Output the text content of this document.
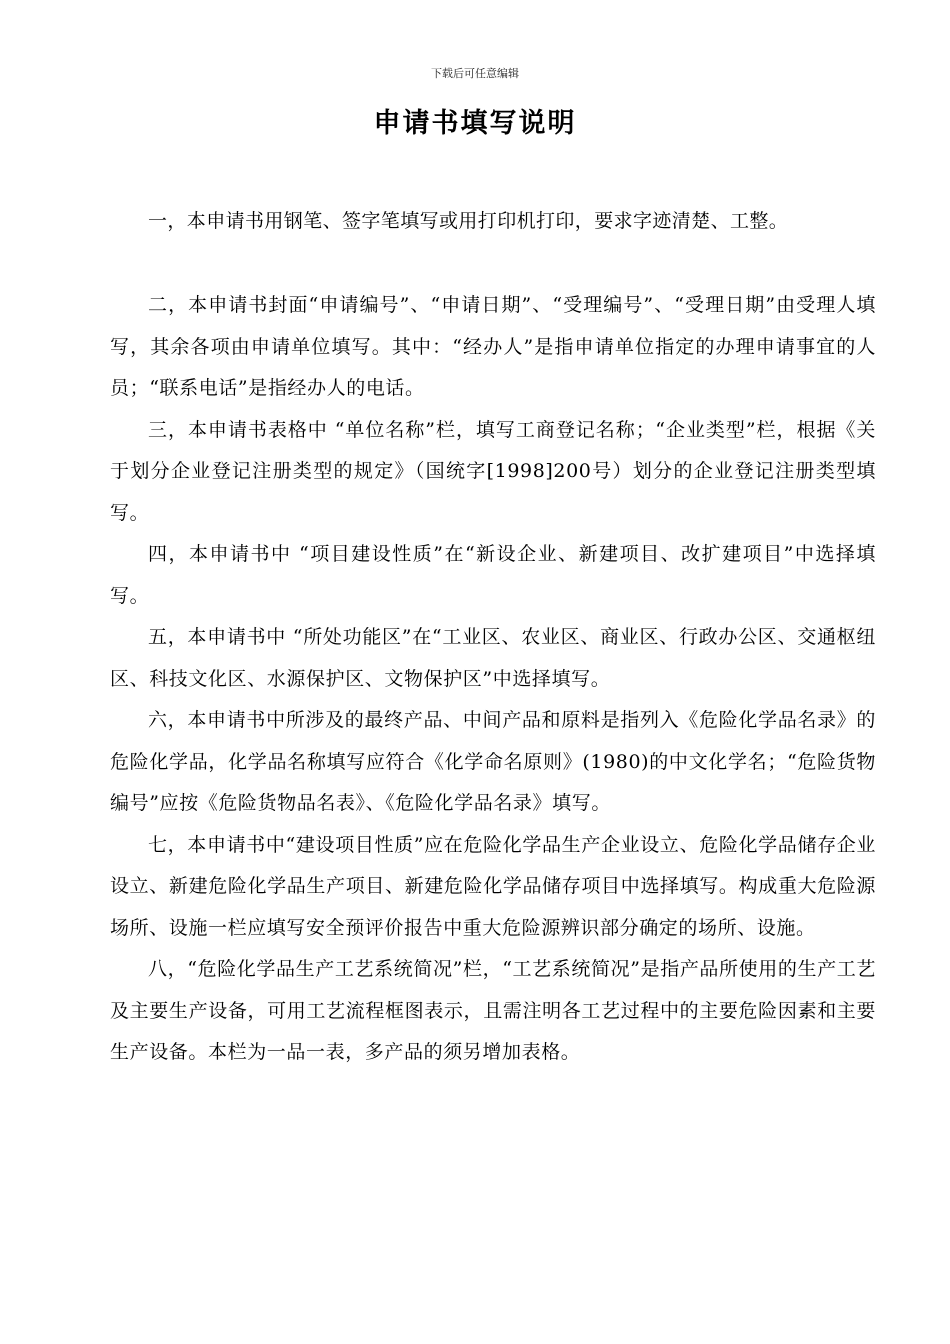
下载后可任意编辑
申请书填写说明

一，本申请书用钢笔、签字笔填写或用打印机打印，要求字迹清楚、工整。

二，本申请书封面“申请编号”、“申请日期”、“受理编号”、“受理日期”由受理人填写，其余各项由申请单位填写。其中：“经办人”是指申请单位指定的办理申请事宜的人员；“联系电话”是指经办人的电话。

三，本申请书表格中 “单位名称”栏，填写工商登记名称；“企业类型”栏，根据《关于划分企业登记注册类型的规定》（国统字[1998]200号）划分的企业登记注册类型填写。

四，本申请书中 “项目建设性质”在“新设企业、新建项目、改扩建项目”中选择填写。

五，本申请书中 “所处功能区”在“工业区、农业区、商业区、行政办公区、交通枢纽区、科技文化区、水源保护区、文物保护区”中选择填写。

六，本申请书中所涉及的最终产品、中间产品和原料是指列入《危险化学品名录》的危险化学品，化学品名称填写应符合《化学命名原则》(1980)的中文化学名；“危险货物编号”应按《危险货物品名表》、《危险化学品名录》填写。

七，本申请书中“建设项目性质”应在危险化学品生产企业设立、危险化学品储存企业设立、新建危险化学品生产项目、新建危险化学品储存项目中选择填写。构成重大危险源场所、设施一栏应填写安全预评价报告中重大危险源辨识部分确定的场所、设施。

八，“危险化学品生产工艺系统简况”栏，“工艺系统简况”是指产品所使用的生产工艺及主要生产设备，可用工艺流程框图表示，且需注明各工艺过程中的主要危险因素和主要生产设备。本栏为一品一表，多产品的须另增加表格。
